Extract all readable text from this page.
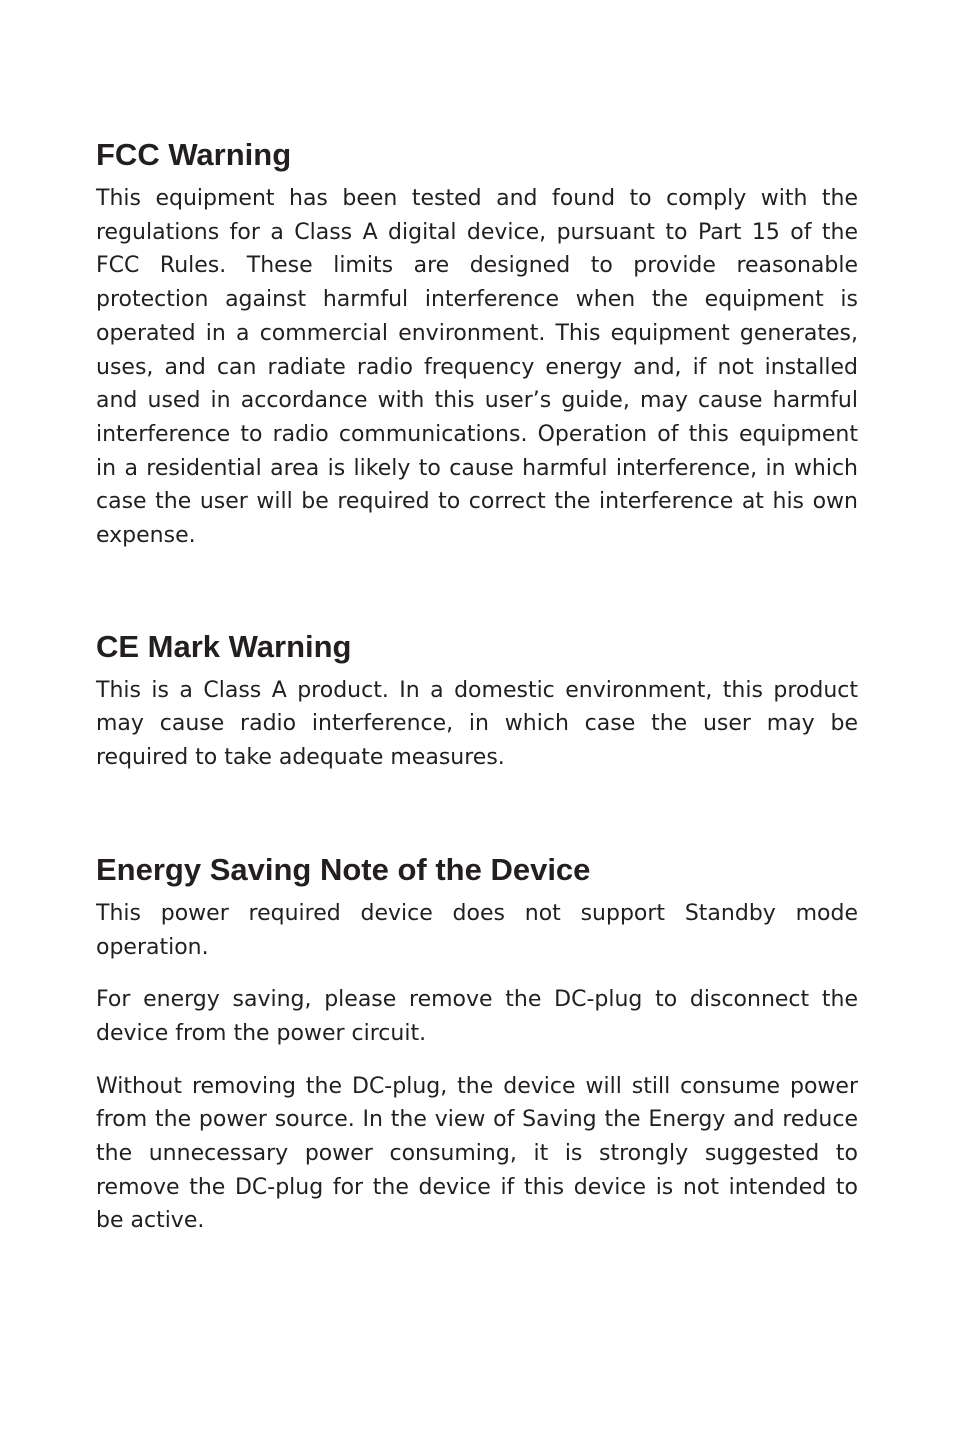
FCC Warning

This equipment has been tested and found to comply with the regulations for a Class A digital device, pursuant to Part 15 of the FCC Rules. These limits are designed to provide reasonable protection against harmful interference when the equipment is operated in a commercial environment. This equipment generates, uses, and can radiate radio frequency energy and, if not installed and used in accordance with this user’s guide, may cause harmful interference to radio communications. Operation of this equipment in a residential area is likely to cause harmful interference, in which case the user will be required to correct the interference at his own expense.

CE Mark Warning

This is a Class A product. In a domestic environment, this product may cause radio interference, in which case the user may be required to take adequate measures.

Energy Saving Note of the Device

This power required device does not support Standby mode operation.

For energy saving, please remove the DC-plug to disconnect the device from the power circuit.

Without removing the DC-plug, the device will still consume power from the power source. In the view of Saving the Energy and reduce the unnecessary power consuming, it is strongly suggested to remove the DC-plug for the device if this device is not intended to be active.
